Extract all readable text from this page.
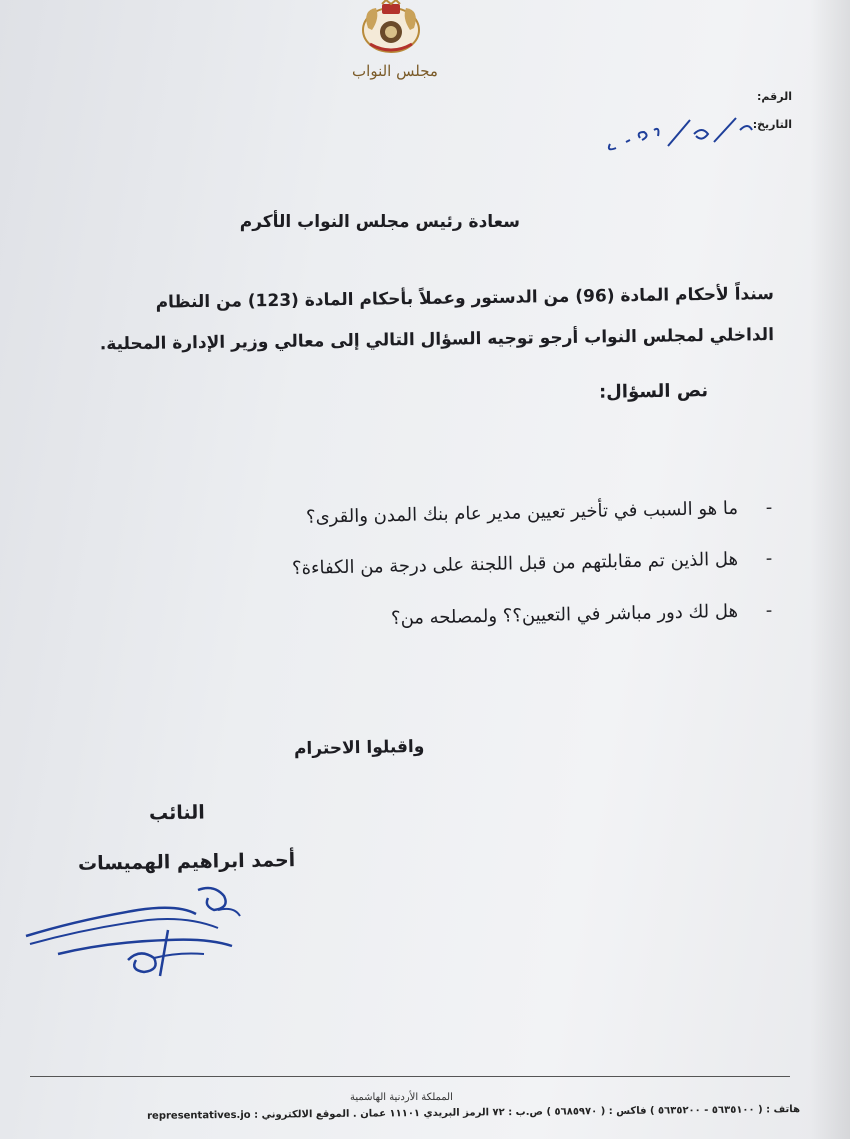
مجلس النواب
الرقم:
التاريخ:
سعادة رئيس مجلس النواب الأكرم
سنداً لأحكام المادة (96) من الدستور وعملاً بأحكام المادة (123) من النظام
الداخلي لمجلس النواب أرجو توجيه السؤال التالي إلى معالي وزير الإدارة المحلية.
نص السؤال:
- ما هو السبب في تأخير تعيين مدير عام بنك المدن والقرى؟
- هل الذين تم مقابلتهم من قبل اللجنة على درجة من الكفاءة؟
- هل لك دور مباشر في التعيين؟؟ ولمصلحه من؟
واقبلوا الاحترام
النائب
أحمد ابراهيم الهميسات
المملكة الأردنية الهاشمية
هاتف : ( ٥٦٣٥١٠٠ - ٥٦٣٥٢٠٠ ) فاكس : ( ٥٦٨٥٩٧٠ ) ص.ب : ٧٢ الرمز البريدي ١١١٠١ عمان . الموقع الالكتروني : representatives.jo
